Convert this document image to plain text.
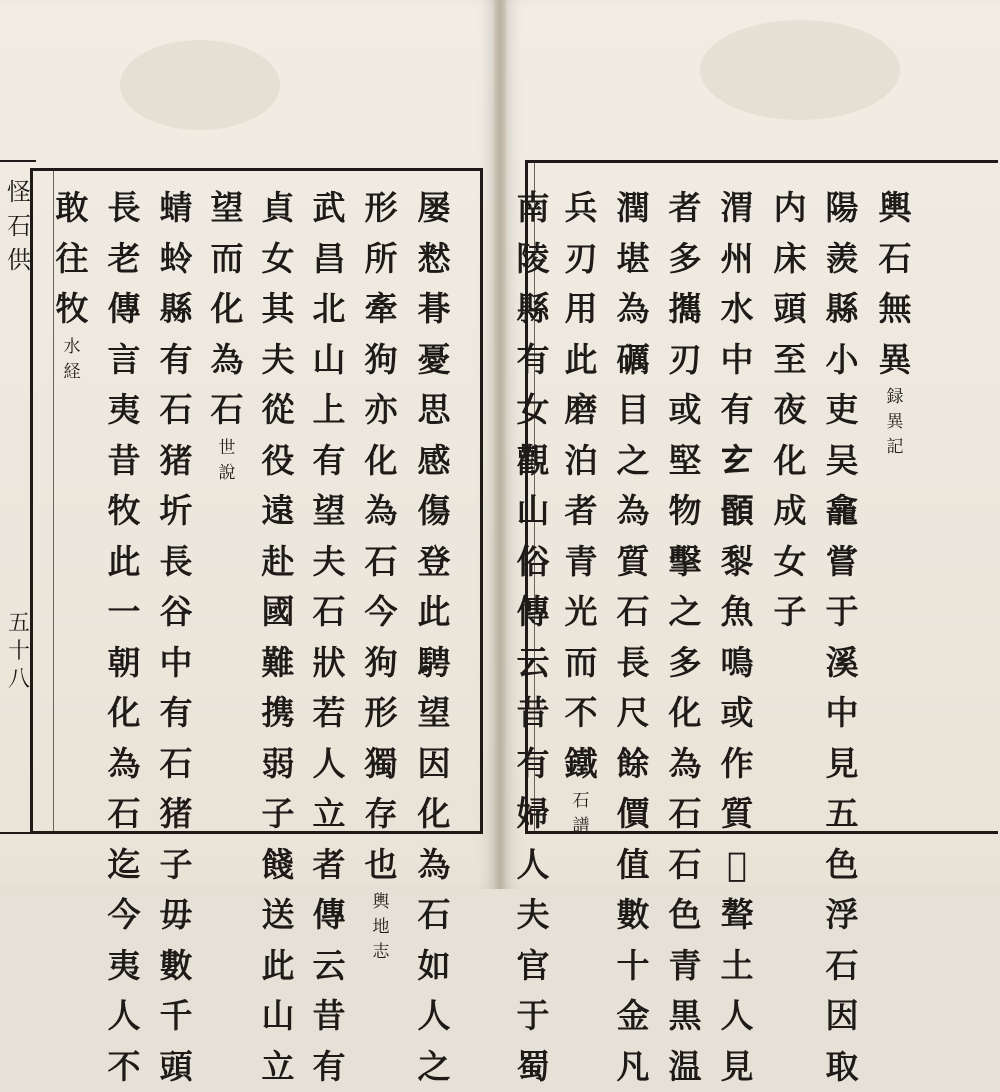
怪
石
供
五
十
八
屡
慭
朞
憂
思
感
傷
登
此
騁
望
因
化
為
石
如
人
之
形
所
牽
狗
亦
化
為
石
今
狗
形
獨
存
也
輿
地
志
武
昌
北
山
上
有
望
夫
石
狀
若
人
立
者
傳
云
昔
有
貞
女
其
夫
從
役
遠
赴
國
難
携
弱
子
餞
送
此
山
立
望
而
化
為
石
世
說
蜻
蛉
縣
有
石
猪
圻
長
谷
中
有
石
猪
子
毋
數
千
頭
長
老
傳
言
夷
昔
牧
此
一
朝
化
為
石
迄
今
夷
人
不
敢
往
牧
水
経
輿
石
無
異
録
異
記
陽
羨
縣
小
吏
吴
龕
嘗
于
溪
中
見
五
色
浮
石
因
取
内
床
頭
至
夜
化
成
女
子
渭
州
水
中
有
𤣥
𩔉
𪏭
魚
鳴
或
作
質
𩫒
聱
土
人
見
者
多
𢹂
刃
或
堅
物
擊
之
多
化
為
石
石
色
青
黒
温
潤
堪
為
礪
目
之
為
質
石
長
尺
餘
價
值
數
十
金
凡
兵
刃
用
此
磨
泊
者
青
光
而
不
鐵
石
譜
南
陵
縣
有
女
觀
山
俗
傳
云
昔
有
婦
人
夫
官
于
蜀
